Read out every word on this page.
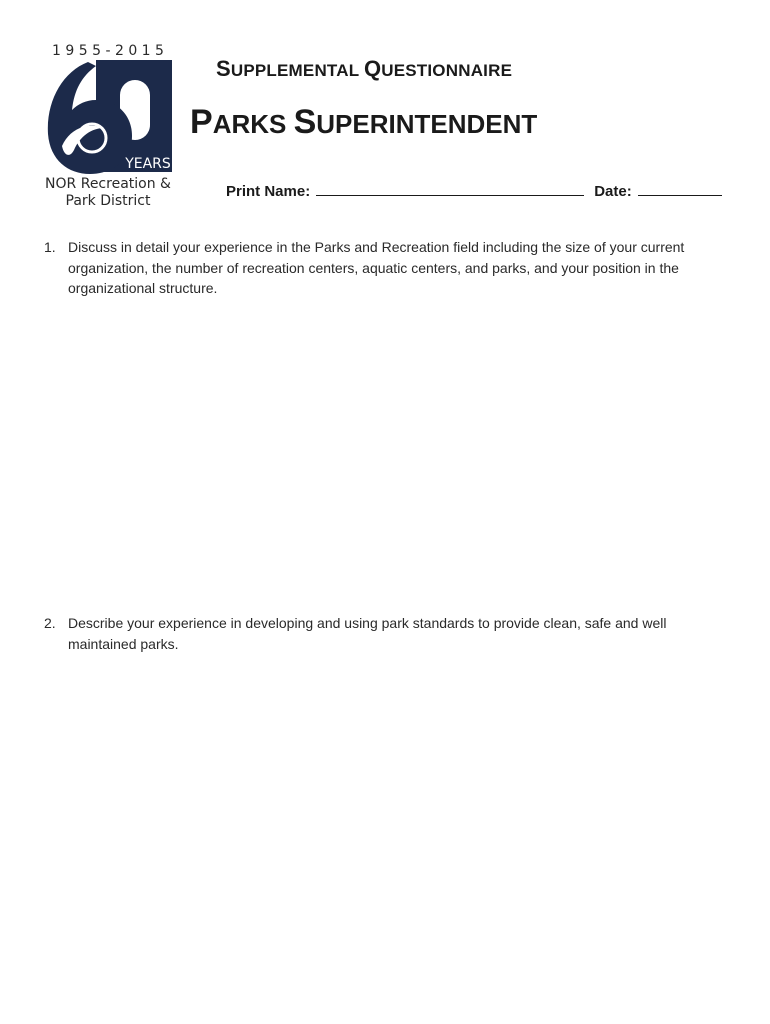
1 9 5 5 - 2 0 1 5
YEARS
NOR Recreation &
Park District
SUPPLEMENTAL QUESTIONNAIRE
PARKS SUPERINTENDENT
Print Name:	Date:
1. Discuss in detail your experience in the Parks and Recreation field including the size of your current organization, the number of recreation centers, aquatic centers, and parks, and your position in the organizational structure.
2. Describe your experience in developing and using park standards to provide clean, safe and well maintained parks.
